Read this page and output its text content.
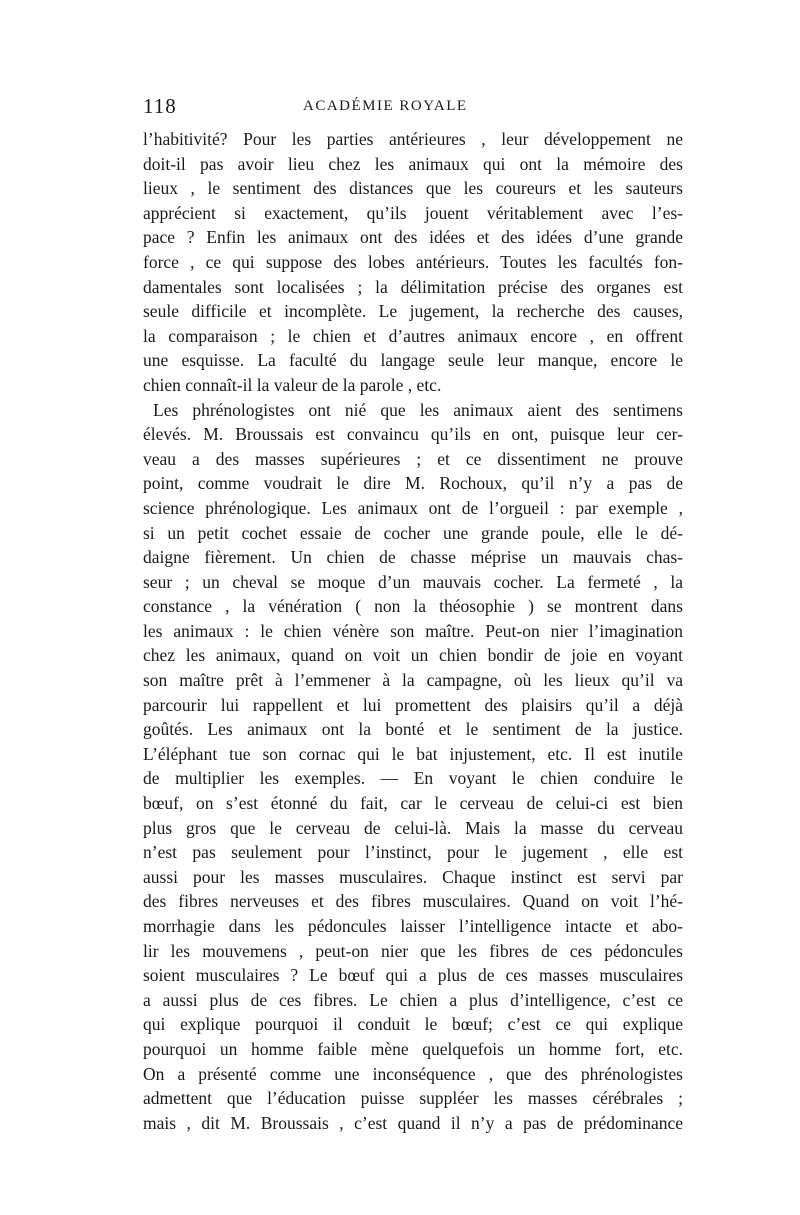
118	ACADÉMIE ROYALE
l’habitivité? Pour les parties antérieures , leur développement ne
doit-il pas avoir lieu chez les animaux qui ont la mémoire des
lieux , le sentiment des distances que les coureurs et les sauteurs
apprécient si exactement, qu’ils jouent véritablement avec l’es-
pace ? Enfin les animaux ont des idées et des idées d’une grande
force , ce qui suppose des lobes antérieurs. Toutes les facultés fon-
damentales sont localisées ; la délimitation précise des organes est
seule difficile et incomplète. Le jugement, la recherche des causes,
la comparaison ; le chien et d’autres animaux encore , en offrent
une esquisse. La faculté du langage seule leur manque, encore le
chien connaît-il la valeur de la parole , etc.
Les phrénologistes ont nié que les animaux aient des sentimens
élevés. M. Broussais est convaincu qu’ils en ont, puisque leur cer-
veau a des masses supérieures ; et ce dissentiment ne prouve
point, comme voudrait le dire M. Rochoux, qu’il n’y a pas de
science phrénologique. Les animaux ont de l’orgueil : par exemple ,
si un petit cochet essaie de cocher une grande poule, elle le dé-
daigne fièrement. Un chien de chasse méprise un mauvais chas-
seur ; un cheval se moque d’un mauvais cocher. La fermeté , la
constance , la vénération ( non la théosophie ) se montrent dans
les animaux : le chien vénère son maître. Peut-on nier l’imagination
chez les animaux, quand on voit un chien bondir de joie en voyant
son maître prêt à l’emmener à la campagne, où les lieux qu’il va
parcourir lui rappellent et lui promettent des plaisirs qu’il a déjà
goûtés. Les animaux ont la bonté et le sentiment de la justice.
L’éléphant tue son cornac qui le bat injustement, etc. Il est inutile
de multiplier les exemples. — En voyant le chien conduire le
bœuf, on s’est étonné du fait, car le cerveau de celui-ci est bien
plus gros que le cerveau de celui-là. Mais la masse du cerveau
n’est pas seulement pour l’instinct, pour le jugement , elle est
aussi pour les masses musculaires. Chaque instinct est servi par
des fibres nerveuses et des fibres musculaires. Quand on voit l’hé-
morrhagie dans les pédoncules laisser l’intelligence intacte et abo-
lir les mouvemens , peut-on nier que les fibres de ces pédoncules
soient musculaires ? Le bœuf qui a plus de ces masses musculaires
a aussi plus de ces fibres. Le chien a plus d’intelligence, c’est ce
qui explique pourquoi il conduit le bœuf; c’est ce qui explique
pourquoi un homme faible mène quelquefois un homme fort, etc.
On a présenté comme une inconséquence , que des phrénologistes
admettent que l’éducation puisse suppléer les masses cérébrales ;
mais , dit M. Broussais , c’est quand il n’y a pas de prédominance
